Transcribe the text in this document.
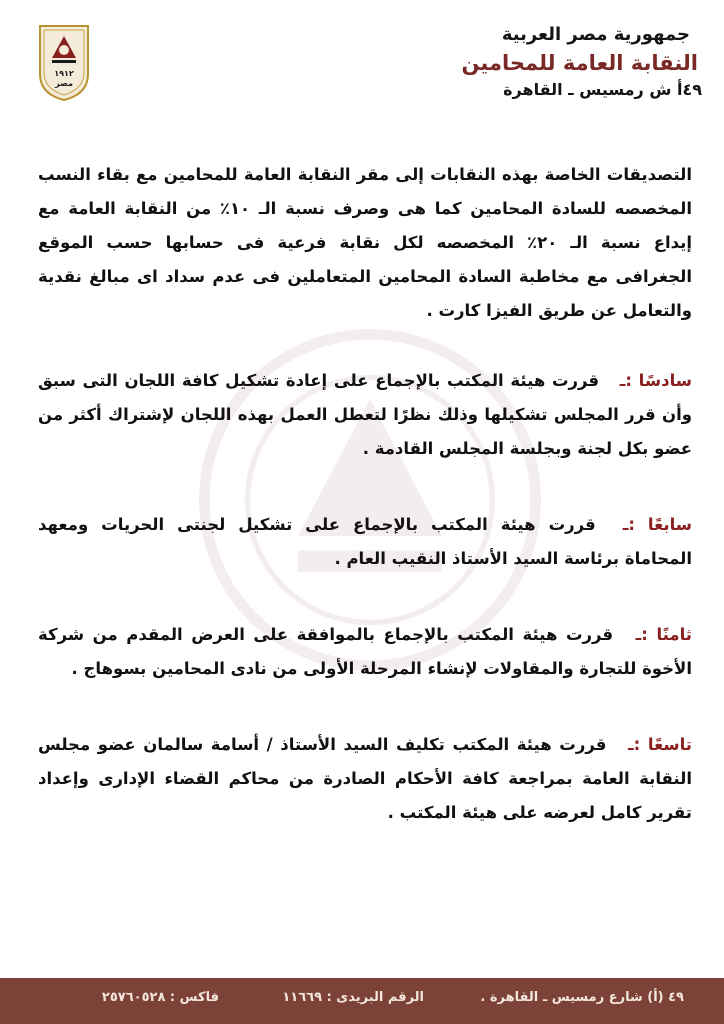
١٩١٢
مصر
جمهورية مصر العربية
النقابة العامة للمحامين
٤٩أ ش رمسيس ـ القاهرة

التصديقات الخاصة بهذه النقابات إلى مقر النقابة العامة للمحامين مع بقاء النسب المخصصه للسادة المحامين كما هى وصرف نسبة الـ ١٠٪ من النقابة العامة مع إيداع نسبة الـ ٢٠٪ المخصصه لكل نقابة فرعية فى حسابها حسب الموقع الجغرافى مع مخاطبة السادة المحامين المتعاملين فى عدم سداد اى مبالغ نقدية والتعامل عن طريق الفيزا كارت .

سادسًا :ـ قررت هيئة المكتب بالإجماع على إعادة تشكيل كافة اللجان التى سبق وأن قرر المجلس تشكيلها وذلك نظرًا لتعطل العمل بهذه اللجان لإشتراك أكثر من عضو بكل لجنة وبجلسة المجلس القادمة .

سابعًا :ـ قررت هيئة المكتب بالإجماع على تشكيل لجنتى الحريات ومعهد المحاماة برئاسة السيد الأستاذ النقيب العام .

ثامنًا :ـ قررت هيئة المكتب بالإجماع بالموافقة على العرض المقدم من شركة الأخوة للتجارة والمقاولات لإنشاء المرحلة الأولى من نادى المحامين بسوهاج .

تاسعًا :ـ قررت هيئة المكتب تكليف السيد الأستاذ / أسامة سالمان عضو مجلس النقابة العامة بمراجعة كافة الأحكام الصادرة من محاكم القضاء الإدارى وإعداد تقرير كامل لعرضه على هيئة المكتب .

٤٩ (أ) شارع رمسيس ـ القاهرة .
الرقم البريدى : ١١٦٦٩
فاكس : ٢٥٧٦٠٥٢٨
